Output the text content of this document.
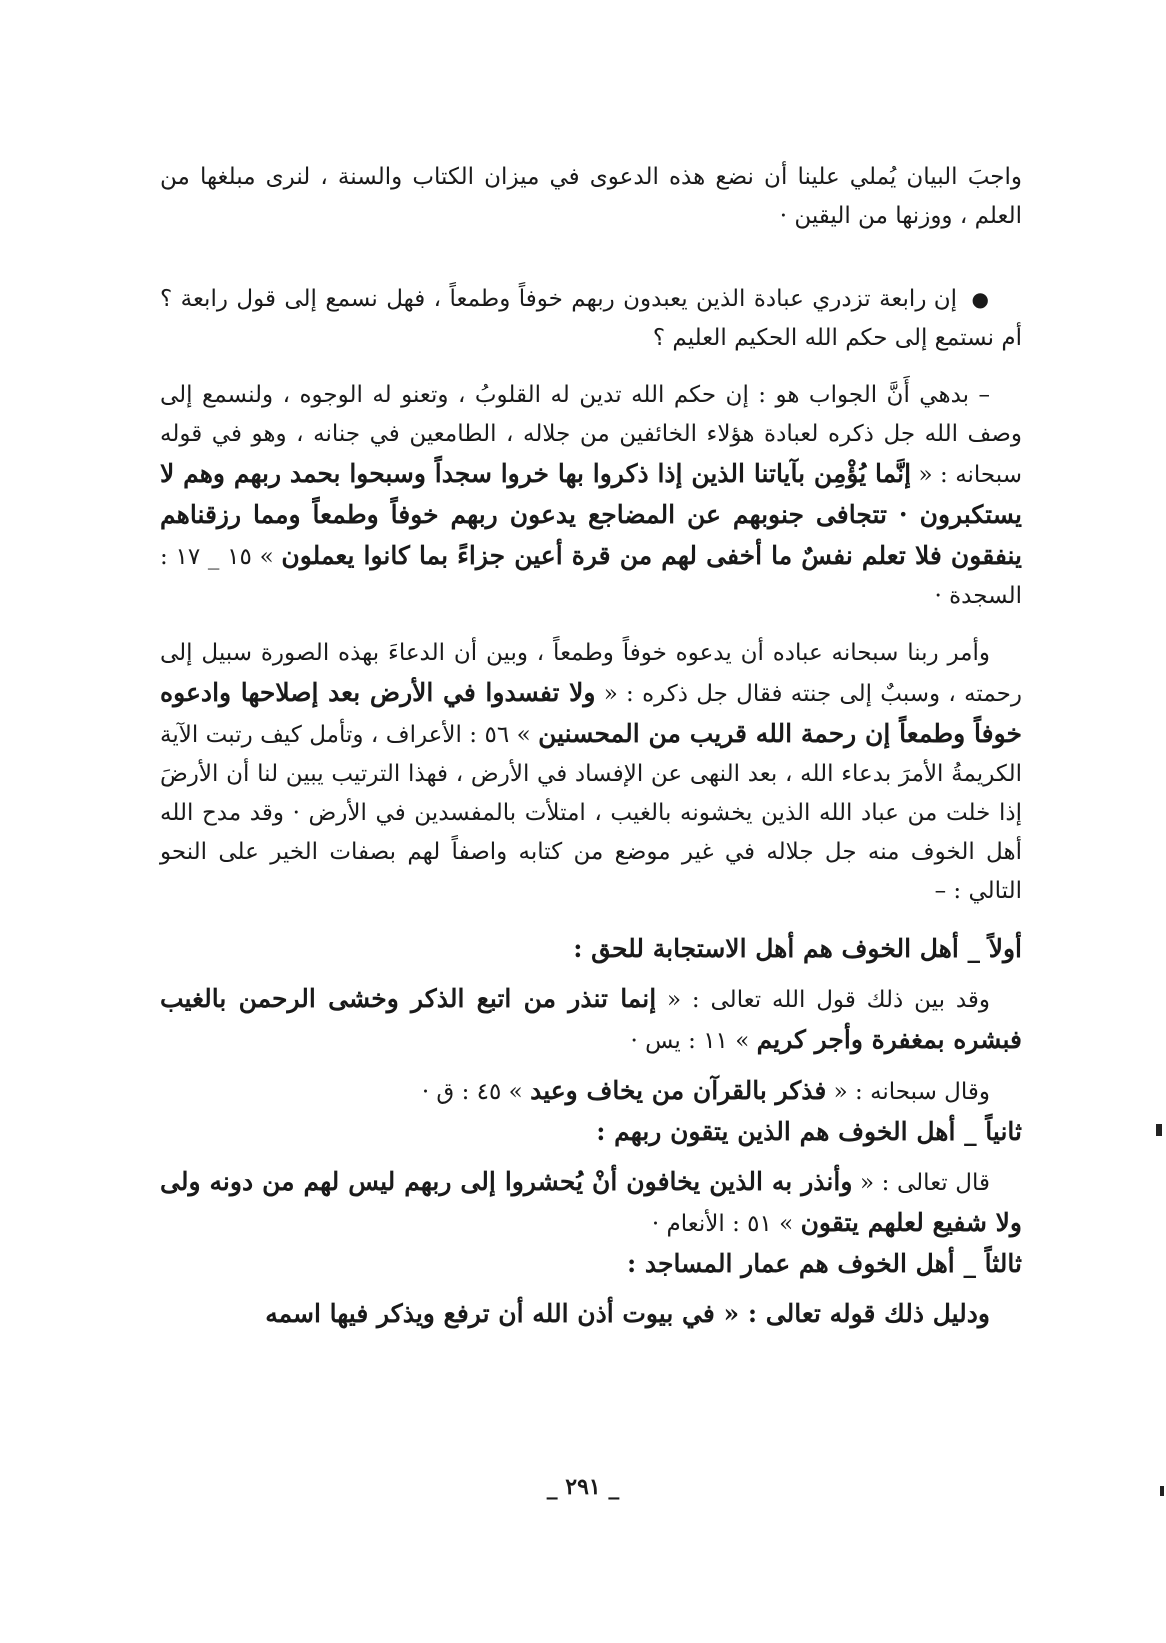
واجبَ البيان يُملي علينا أن نضع هذه الدعوى في ميزان الكتاب والسنة ، لنرى مبلغها من العلم ، ووزنها من اليقين ·

● إن رابعة تزدري عبادة الذين يعبدون ربهم خوفاً وطمعاً ، فهل نسمع إلى قول رابعة ؟ أم نستمع إلى حكم الله الحكيم العليم ؟

– بدهي أَنَّ الجواب هو : إن حكم الله تدين له القلوبُ ، وتعنو له الوجوه ، ولنسمع إلى وصف الله جل ذكره لعبادة هؤلاء الخائفين من جلاله ، الطامعين في جنانه ، وهو في قوله سبحانه : « إنَّما يُؤْمِن بآياتنا الذين إذا ذكروا بها خروا سجداً وسبحوا بحمد ربهم وهم لا يستكبرون · تتجافى جنوبهم عن المضاجع يدعون ربهم خوفاً وطمعاً ومما رزقناهم ينفقون فلا تعلم نفسٌ ما أخفى لهم من قرة أعين جزاءً بما كانوا يعملون » ١٥ _ ١٧ : السجدة ·

وأمر ربنا سبحانه عباده أن يدعوه خوفاً وطمعاً ، وبين أن الدعاءَ بهذه الصورة سبيل إلى رحمته ، وسببٌ إلى جنته فقال جل ذكره : « ولا تفسدوا في الأرض بعد إصلاحها وادعوه خوفاً وطمعاً إن رحمة الله قريب من المحسنين » ٥٦ : الأعراف ، وتأمل كيف رتبت الآية الكريمةُ الأمرَ بدعاء الله ، بعد النهى عن الإفساد في الأرض ، فهذا الترتيب يبين لنا أن الأرضَ إذا خلت من عباد الله الذين يخشونه بالغيب ، امتلأت بالمفسدين في الأرض · وقد مدح الله أهل الخوف منه جل جلاله في غير موضع من كتابه واصفاً لهم بصفات الخير على النحو التالي : –

أولاً _ أهل الخوف هم أهل الاستجابة للحق :

وقد بين ذلك قول الله تعالى : « إنما تنذر من اتبع الذكر وخشى الرحمن بالغيب فبشره بمغفرة وأجر كريم » ١١ : يس ·

وقال سبحانه : « فذكر بالقرآن من يخاف وعيد » ٤٥ : ق ·

ثانياً _ أهل الخوف هم الذين يتقون ربهم :

قال تعالى : « وأنذر به الذين يخافون أنْ يُحشروا إلى ربهم ليس لهم من دونه ولى ولا شفيع لعلهم يتقون » ٥١ : الأنعام ·

ثالثاً _ أهل الخوف هم عمار المساجد :

ودليل ذلك قوله تعالى : « في بيوت أذن الله أن ترفع ويذكر فيها اسمه

_ ٢٩١ _
